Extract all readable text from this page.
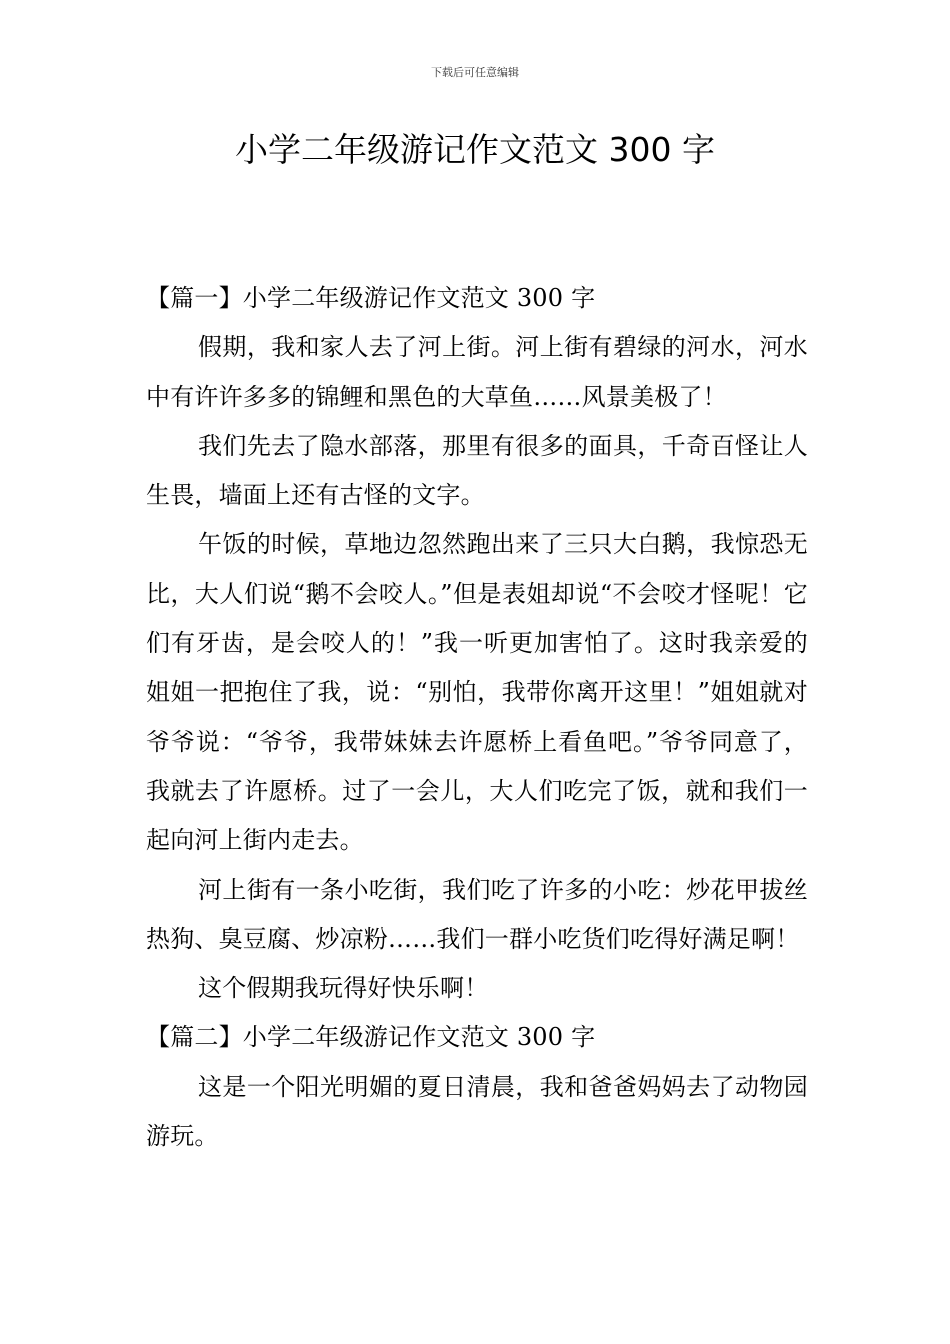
下载后可任意编辑
小学二年级游记作文范文 300 字

【篇一】小学二年级游记作文范文 300 字

假期，我和家人去了河上街。河上街有碧绿的河水，河水中有许许多多的锦鲤和黑色的大草鱼……风景美极了！

我们先去了隐水部落，那里有很多的面具，千奇百怪让人生畏，墙面上还有古怪的文字。

午饭的时候，草地边忽然跑出来了三只大白鹅，我惊恐无比，大人们说“鹅不会咬人。”但是表姐却说“不会咬才怪呢！它们有牙齿，是会咬人的！”我一听更加害怕了。这时我亲爱的姐姐一把抱住了我，说：“别怕，我带你离开这里！”姐姐就对爷爷说：“爷爷，我带妹妹去许愿桥上看鱼吧。”爷爷同意了，我就去了许愿桥。过了一会儿，大人们吃完了饭，就和我们一起向河上街内走去。

河上街有一条小吃街，我们吃了许多的小吃：炒花甲拔丝热狗、臭豆腐、炒凉粉……我们一群小吃货们吃得好满足啊！

这个假期我玩得好快乐啊！

【篇二】小学二年级游记作文范文 300 字

这是一个阳光明媚的夏日清晨，我和爸爸妈妈去了动物园游玩。
